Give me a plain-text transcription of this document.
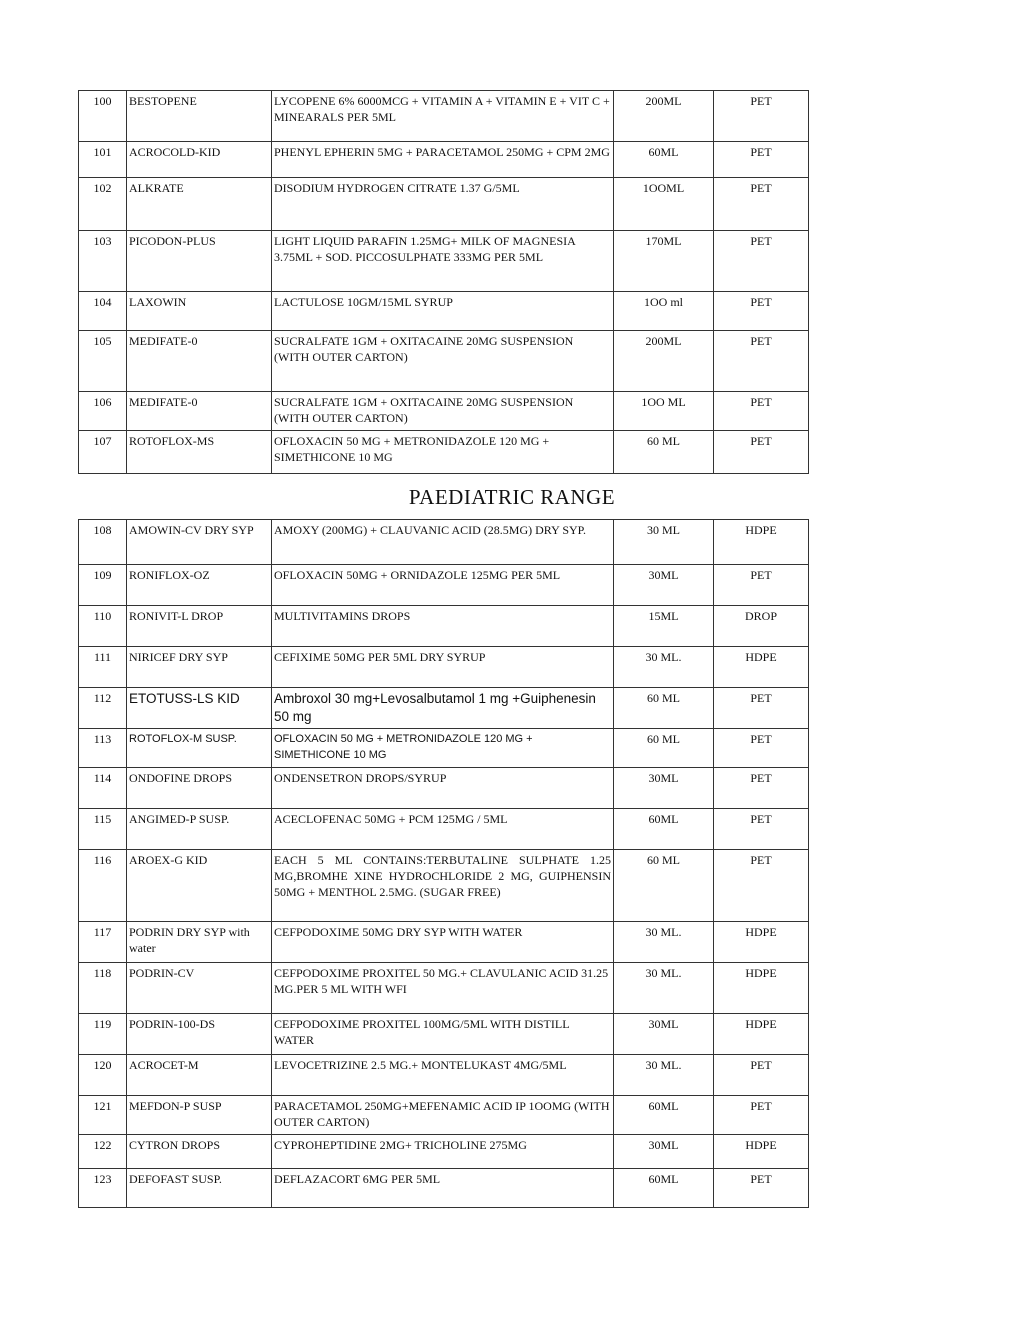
100	BESTOPENE	LYCOPENE 6% 6000MCG + VITAMIN A + VITAMIN E + VIT C + MINEARALS PER 5ML	200ML	PET
101	ACROCOLD-KID	PHENYL EPHERIN 5MG + PARACETAMOL 250MG + CPM 2MG	60ML	PET
102	ALKRATE	DISODIUM HYDROGEN CITRATE 1.37 G/5ML	1OOML	PET
103	PICODON-PLUS	LIGHT LIQUID PARAFIN 1.25MG+ MILK OF MAGNESIA 3.75ML + SOD. PICCOSULPHATE 333MG PER 5ML	170ML	PET
104	LAXOWIN	LACTULOSE 10GM/15ML SYRUP	1OO ml	PET
105	MEDIFATE-0	SUCRALFATE 1GM + OXITACAINE 20MG SUSPENSION (WITH OUTER CARTON)	200ML	PET
106	MEDIFATE-0	SUCRALFATE 1GM + OXITACAINE 20MG SUSPENSION (WITH OUTER CARTON)	1OO ML	PET
107	ROTOFLOX-MS	OFLOXACIN 50 MG + METRONIDAZOLE 120 MG + SIMETHICONE 10 MG	60 ML	PET
PAEDIATRIC RANGE
108	AMOWIN-CV DRY SYP	AMOXY (200MG) + CLAUVANIC ACID (28.5MG) DRY SYP.	30 ML	HDPE
109	RONIFLOX-OZ	OFLOXACIN 50MG + ORNIDAZOLE 125MG PER 5ML	30ML	PET
110	RONIVIT-L DROP	MULTIVITAMINS DROPS	15ML	DROP
111	NIRICEF DRY SYP	CEFIXIME 50MG PER 5ML DRY SYRUP	30 ML.	HDPE
112	ETOTUSS-LS KID	Ambroxol 30 mg+Levosalbutamol 1 mg +Guiphenesin 50 mg	60 ML	PET
113	ROTOFLOX-M SUSP.	OFLOXACIN 50 MG + METRONIDAZOLE 120 MG + SIMETHICONE 10 MG	60 ML	PET
114	ONDOFINE DROPS	ONDENSETRON DROPS/SYRUP	30ML	PET
115	ANGIMED-P SUSP.	ACECLOFENAC 50MG + PCM 125MG / 5ML	60ML	PET
116	AROEX-G KID	EACH 5 ML CONTAINS:TERBUTALINE SULPHATE 1.25 MG,BROMHE XINE HYDROCHLORIDE 2 MG, GUIPHENSIN 50MG + MENTHOL 2.5MG. (SUGAR FREE)	60 ML	PET
117	PODRIN DRY SYP with water	CEFPODOXIME 50MG DRY SYP WITH WATER	30 ML.	HDPE
118	PODRIN-CV	CEFPODOXIME PROXITEL 50 MG.+ CLAVULANIC ACID 31.25 MG.PER 5 ML WITH WFI	30 ML.	HDPE
119	PODRIN-100-DS	CEFPODOXIME PROXITEL 100MG/5ML WITH DISTILL WATER	30ML	HDPE
120	ACROCET-M	LEVOCETRIZINE 2.5 MG.+ MONTELUKAST 4MG/5ML	30 ML.	PET
121	MEFDON-P SUSP	PARACETAMOL 250MG+MEFENAMIC ACID IP 1OOMG (WITH OUTER CARTON)	60ML	PET
122	CYTRON DROPS	CYPROHEPTIDINE 2MG+ TRICHOLINE 275MG	30ML	HDPE
123	DEFOFAST SUSP.	DEFLAZACORT 6MG PER 5ML	60ML	PET
